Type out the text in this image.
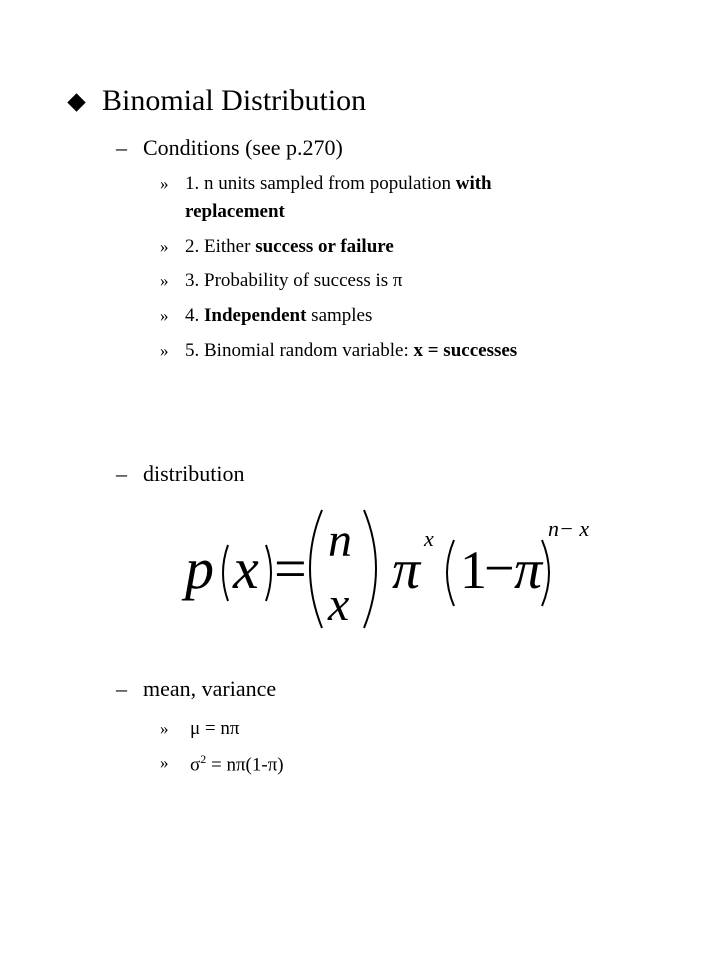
Binomial Distribution
– Conditions (see p.270)
» 1. n units sampled from population with
replacement
» 2. Either success or failure
» 3. Probability of success is π
» 4. Independent samples
» 5. Binomial random variable: x = successes
– distribution
p x = n
x
π
x
1
− π
n− x
– mean, variance
» μ = nπ
» $\sigma^2 = n\pi(1-\pi)$
